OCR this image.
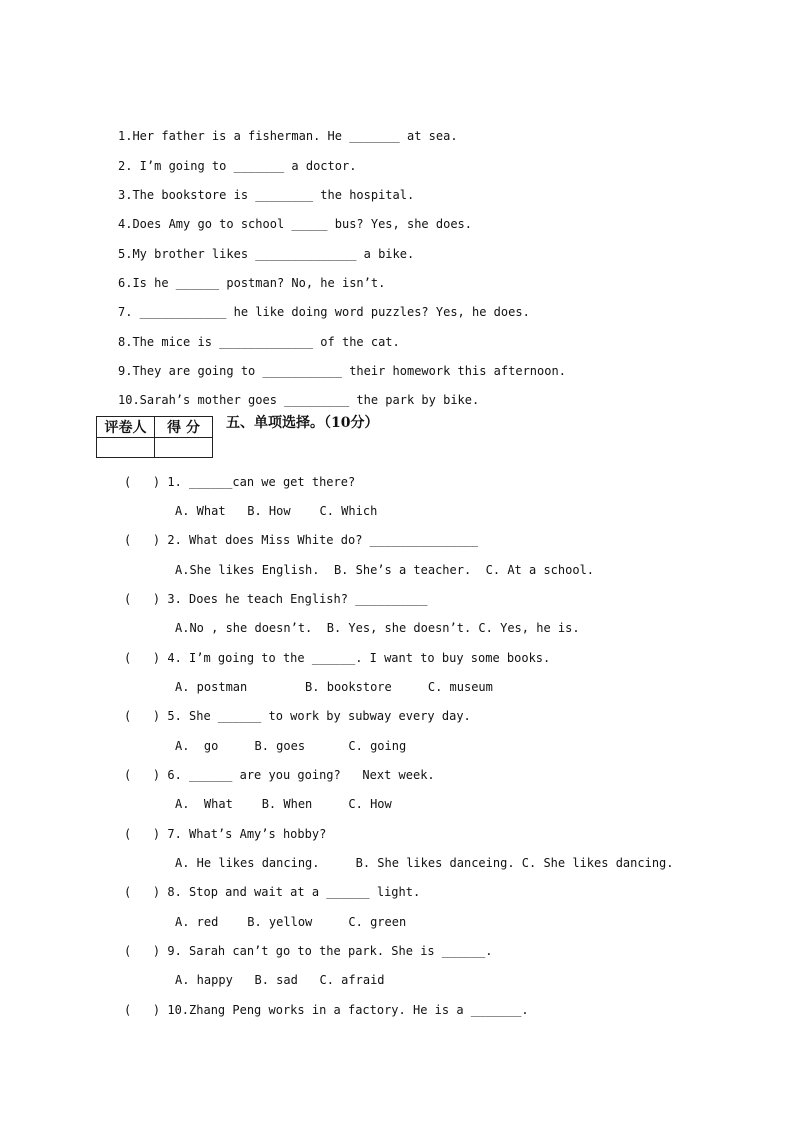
1.Her father is a fisherman. He _______ at sea.
2. I’m going to _______ a doctor.
3.The bookstore is ________ the hospital.
4.Does Amy go to school _____ bus? Yes, she does.
5.My brother likes ______________ a bike.
6.Is he ______ postman? No, he isn’t.
7. ____________ he like doing word puzzles? Yes, he does.
8.The mice is _____________ of the cat.
9.They are going to ___________ their homework this afternoon.
10.Sarah’s mother goes _________ the park by bike.
评卷人	得 分
	五、单项选择。（10分）
(   ) 1. ______can we get there?
A. What   B. How    C. Which
(   ) 2. What does Miss White do? _______________
A.She likes English.  B. She’s a teacher.  C. At a school.
(   ) 3. Does he teach English? __________
A.No , she doesn’t.  B. Yes, she doesn’t. C. Yes, he is.
(   ) 4. I’m going to the ______. I want to buy some books.
A. postman        B. bookstore     C. museum
(   ) 5. She ______ to work by subway every day.
A.  go     B. goes      C. going
(   ) 6. ______ are you going?   Next week.
A.  What    B. When     C. How
(   ) 7. What’s Amy’s hobby?
A. He likes dancing.     B. She likes danceing. C. She likes dancing.
(   ) 8. Stop and wait at a ______ light.
A. red    B. yellow     C. green
(   ) 9. Sarah can’t go to the park. She is ______.
A. happy   B. sad   C. afraid
(   ) 10.Zhang Peng works in a factory. He is a _______.
